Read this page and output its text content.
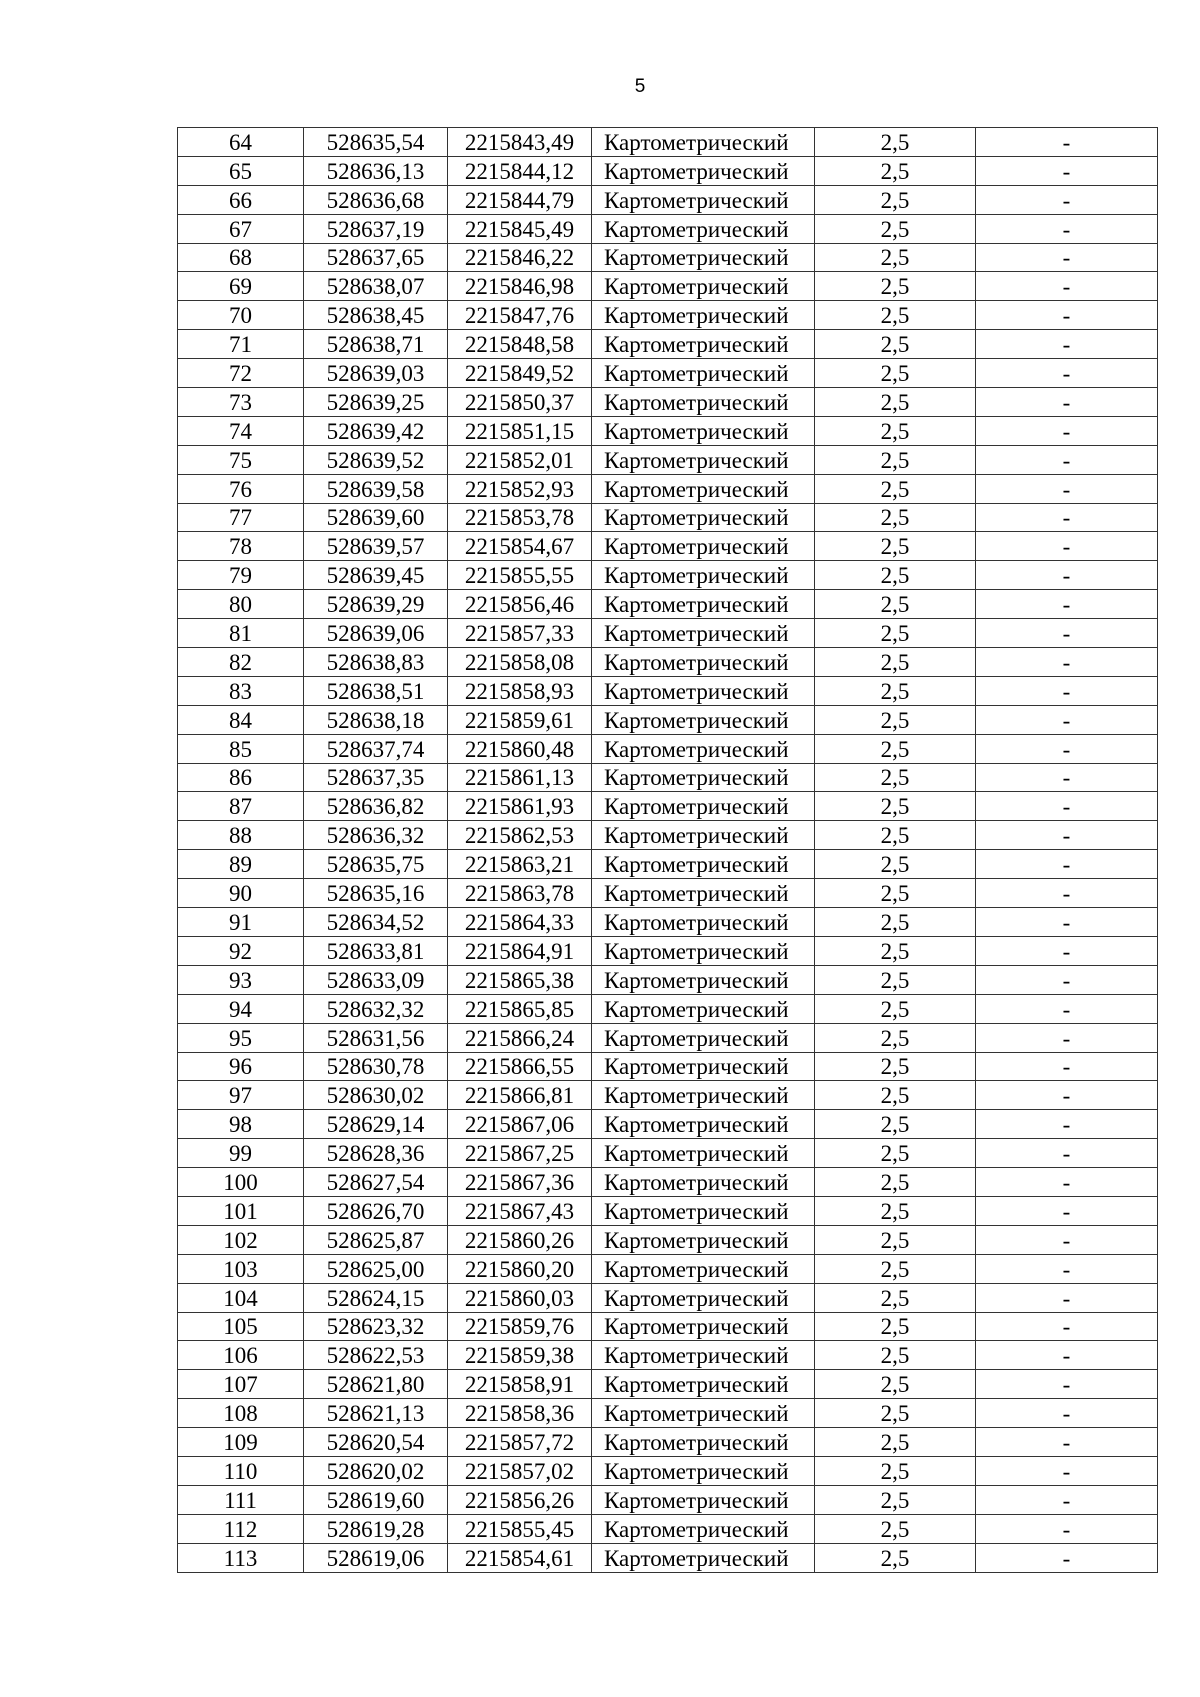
5
64	528635,54	2215843,49	Картометрический	2,5	-
65	528636,13	2215844,12	Картометрический	2,5	-
66	528636,68	2215844,79	Картометрический	2,5	-
67	528637,19	2215845,49	Картометрический	2,5	-
68	528637,65	2215846,22	Картометрический	2,5	-
69	528638,07	2215846,98	Картометрический	2,5	-
70	528638,45	2215847,76	Картометрический	2,5	-
71	528638,71	2215848,58	Картометрический	2,5	-
72	528639,03	2215849,52	Картометрический	2,5	-
73	528639,25	2215850,37	Картометрический	2,5	-
74	528639,42	2215851,15	Картометрический	2,5	-
75	528639,52	2215852,01	Картометрический	2,5	-
76	528639,58	2215852,93	Картометрический	2,5	-
77	528639,60	2215853,78	Картометрический	2,5	-
78	528639,57	2215854,67	Картометрический	2,5	-
79	528639,45	2215855,55	Картометрический	2,5	-
80	528639,29	2215856,46	Картометрический	2,5	-
81	528639,06	2215857,33	Картометрический	2,5	-
82	528638,83	2215858,08	Картометрический	2,5	-
83	528638,51	2215858,93	Картометрический	2,5	-
84	528638,18	2215859,61	Картометрический	2,5	-
85	528637,74	2215860,48	Картометрический	2,5	-
86	528637,35	2215861,13	Картометрический	2,5	-
87	528636,82	2215861,93	Картометрический	2,5	-
88	528636,32	2215862,53	Картометрический	2,5	-
89	528635,75	2215863,21	Картометрический	2,5	-
90	528635,16	2215863,78	Картометрический	2,5	-
91	528634,52	2215864,33	Картометрический	2,5	-
92	528633,81	2215864,91	Картометрический	2,5	-
93	528633,09	2215865,38	Картометрический	2,5	-
94	528632,32	2215865,85	Картометрический	2,5	-
95	528631,56	2215866,24	Картометрический	2,5	-
96	528630,78	2215866,55	Картометрический	2,5	-
97	528630,02	2215866,81	Картометрический	2,5	-
98	528629,14	2215867,06	Картометрический	2,5	-
99	528628,36	2215867,25	Картометрический	2,5	-
100	528627,54	2215867,36	Картометрический	2,5	-
101	528626,70	2215867,43	Картометрический	2,5	-
102	528625,87	2215860,26	Картометрический	2,5	-
103	528625,00	2215860,20	Картометрический	2,5	-
104	528624,15	2215860,03	Картометрический	2,5	-
105	528623,32	2215859,76	Картометрический	2,5	-
106	528622,53	2215859,38	Картометрический	2,5	-
107	528621,80	2215858,91	Картометрический	2,5	-
108	528621,13	2215858,36	Картометрический	2,5	-
109	528620,54	2215857,72	Картометрический	2,5	-
110	528620,02	2215857,02	Картометрический	2,5	-
111	528619,60	2215856,26	Картометрический	2,5	-
112	528619,28	2215855,45	Картометрический	2,5	-
113	528619,06	2215854,61	Картометрический	2,5	-
